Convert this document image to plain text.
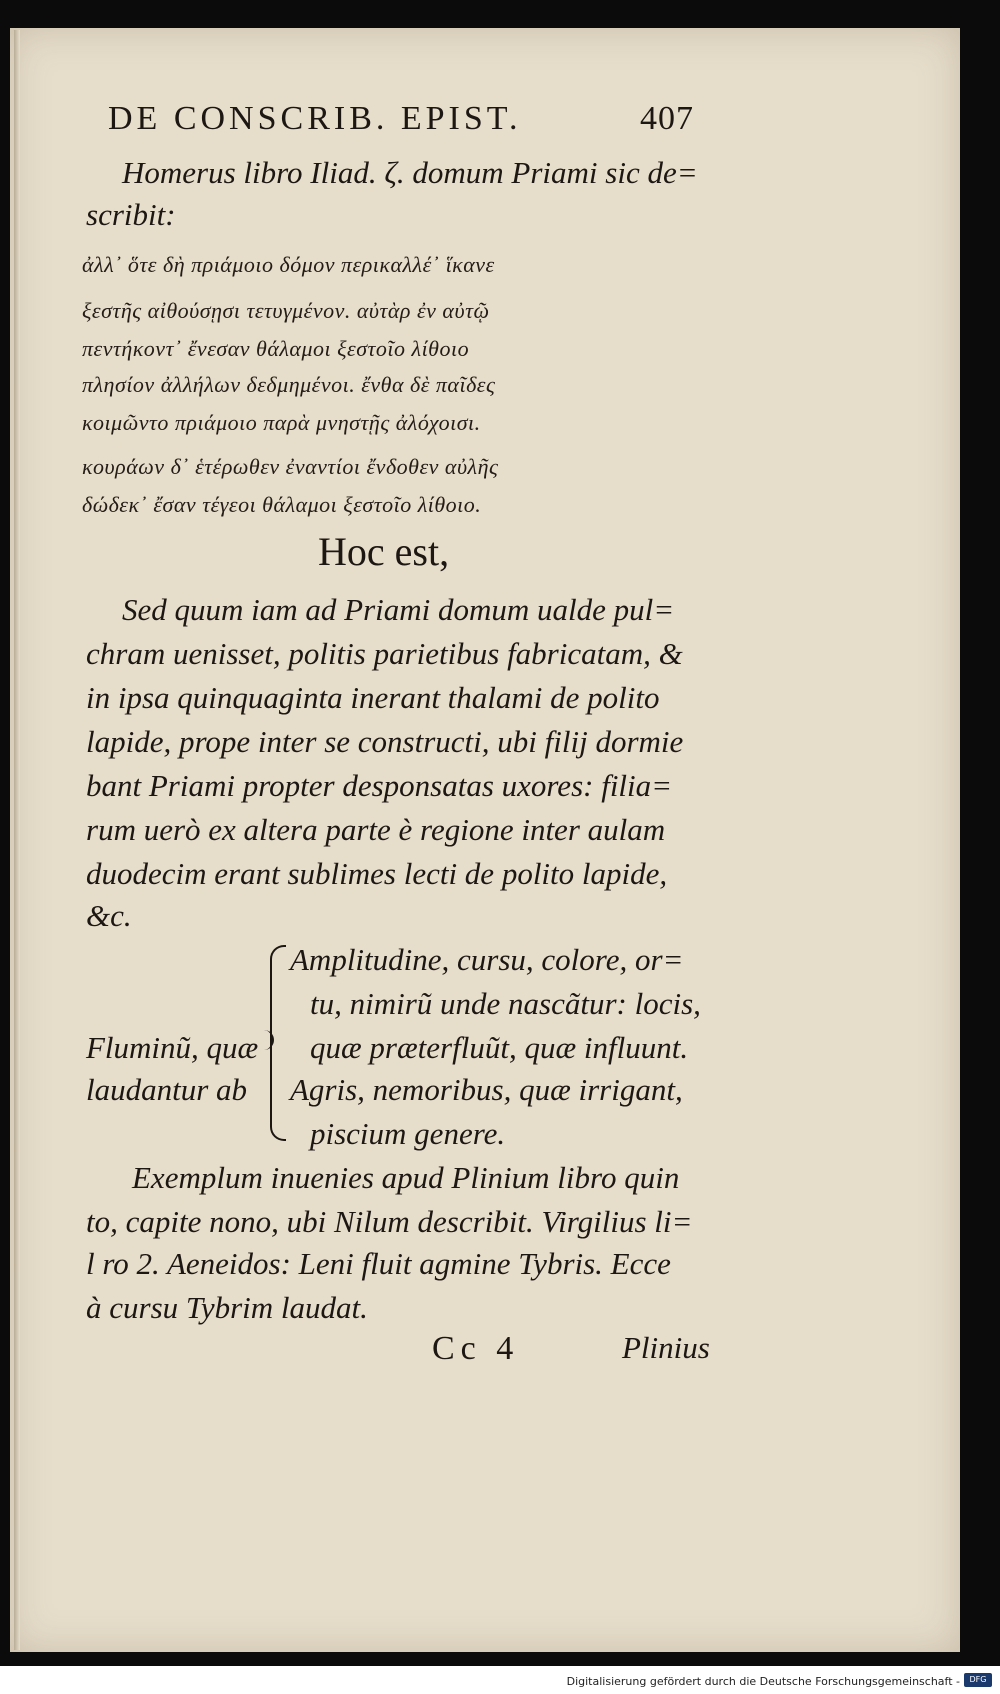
DE CONSCRIB. EPIST.	407
Homerus libro Iliad. ζ. domum Priami sic de=
scribit:
ἀλλ᾿ ὅτε δὴ πριάμοιο δόμον περικαλλέ᾿ ἵκανε
ξεστῆς αἰθούσῃσι τετυγμένον. αὐτὰρ ἐν αὐτῷ
πεντήκοντ᾿ ἔνεσαν θάλαμοι ξεστοῖο λίθοιο
πλησίον ἀλλήλων δεδμημένοι. ἔνθα δὲ παῖδες
κοιμῶντο πριάμοιο παρὰ μνηστῇς ἀλόχοισι.
κουράων δ᾿ ἑτέρωθεν ἐναντίοι ἔνδοθεν αὐλῆς
δώδεκ᾿ ἔσαν τέγεοι θάλαμοι ξεστοῖο λίθοιο.
Hoc est,
Sed quum iam ad Priami domum ualde pul=
chram uenisset, politis parietibus fabricatam, &
in ipsa quinquaginta inerant thalami de polito
lapide, prope inter se constructi, ubi filij dormie
bant Priami propter desponsatas uxores: filia=
rum uerò ex altera parte è regione inter aulam
duodecim erant sublimes lecti de polito lapide,
&c.
Fluminũ, quæ
laudantur ab
Amplitudine, cursu, colore, or=
tu, nimirũ unde nascãtur: locis,
quæ præterfluũt, quæ influunt.
Agris, nemoribus, quæ irrigant,
piscium genere.
Exemplum inuenies apud Plinium libro quin
to, capite nono, ubi Nilum describit. Virgilius li=
l ro 2. Aeneidos: Leni fluit agmine Tybris. Ecce
à cursu Tybrim laudat.
Cc 4	Plinius
Digitalisierung gefördert durch die Deutsche Forschungsgemeinschaft -	DFG
